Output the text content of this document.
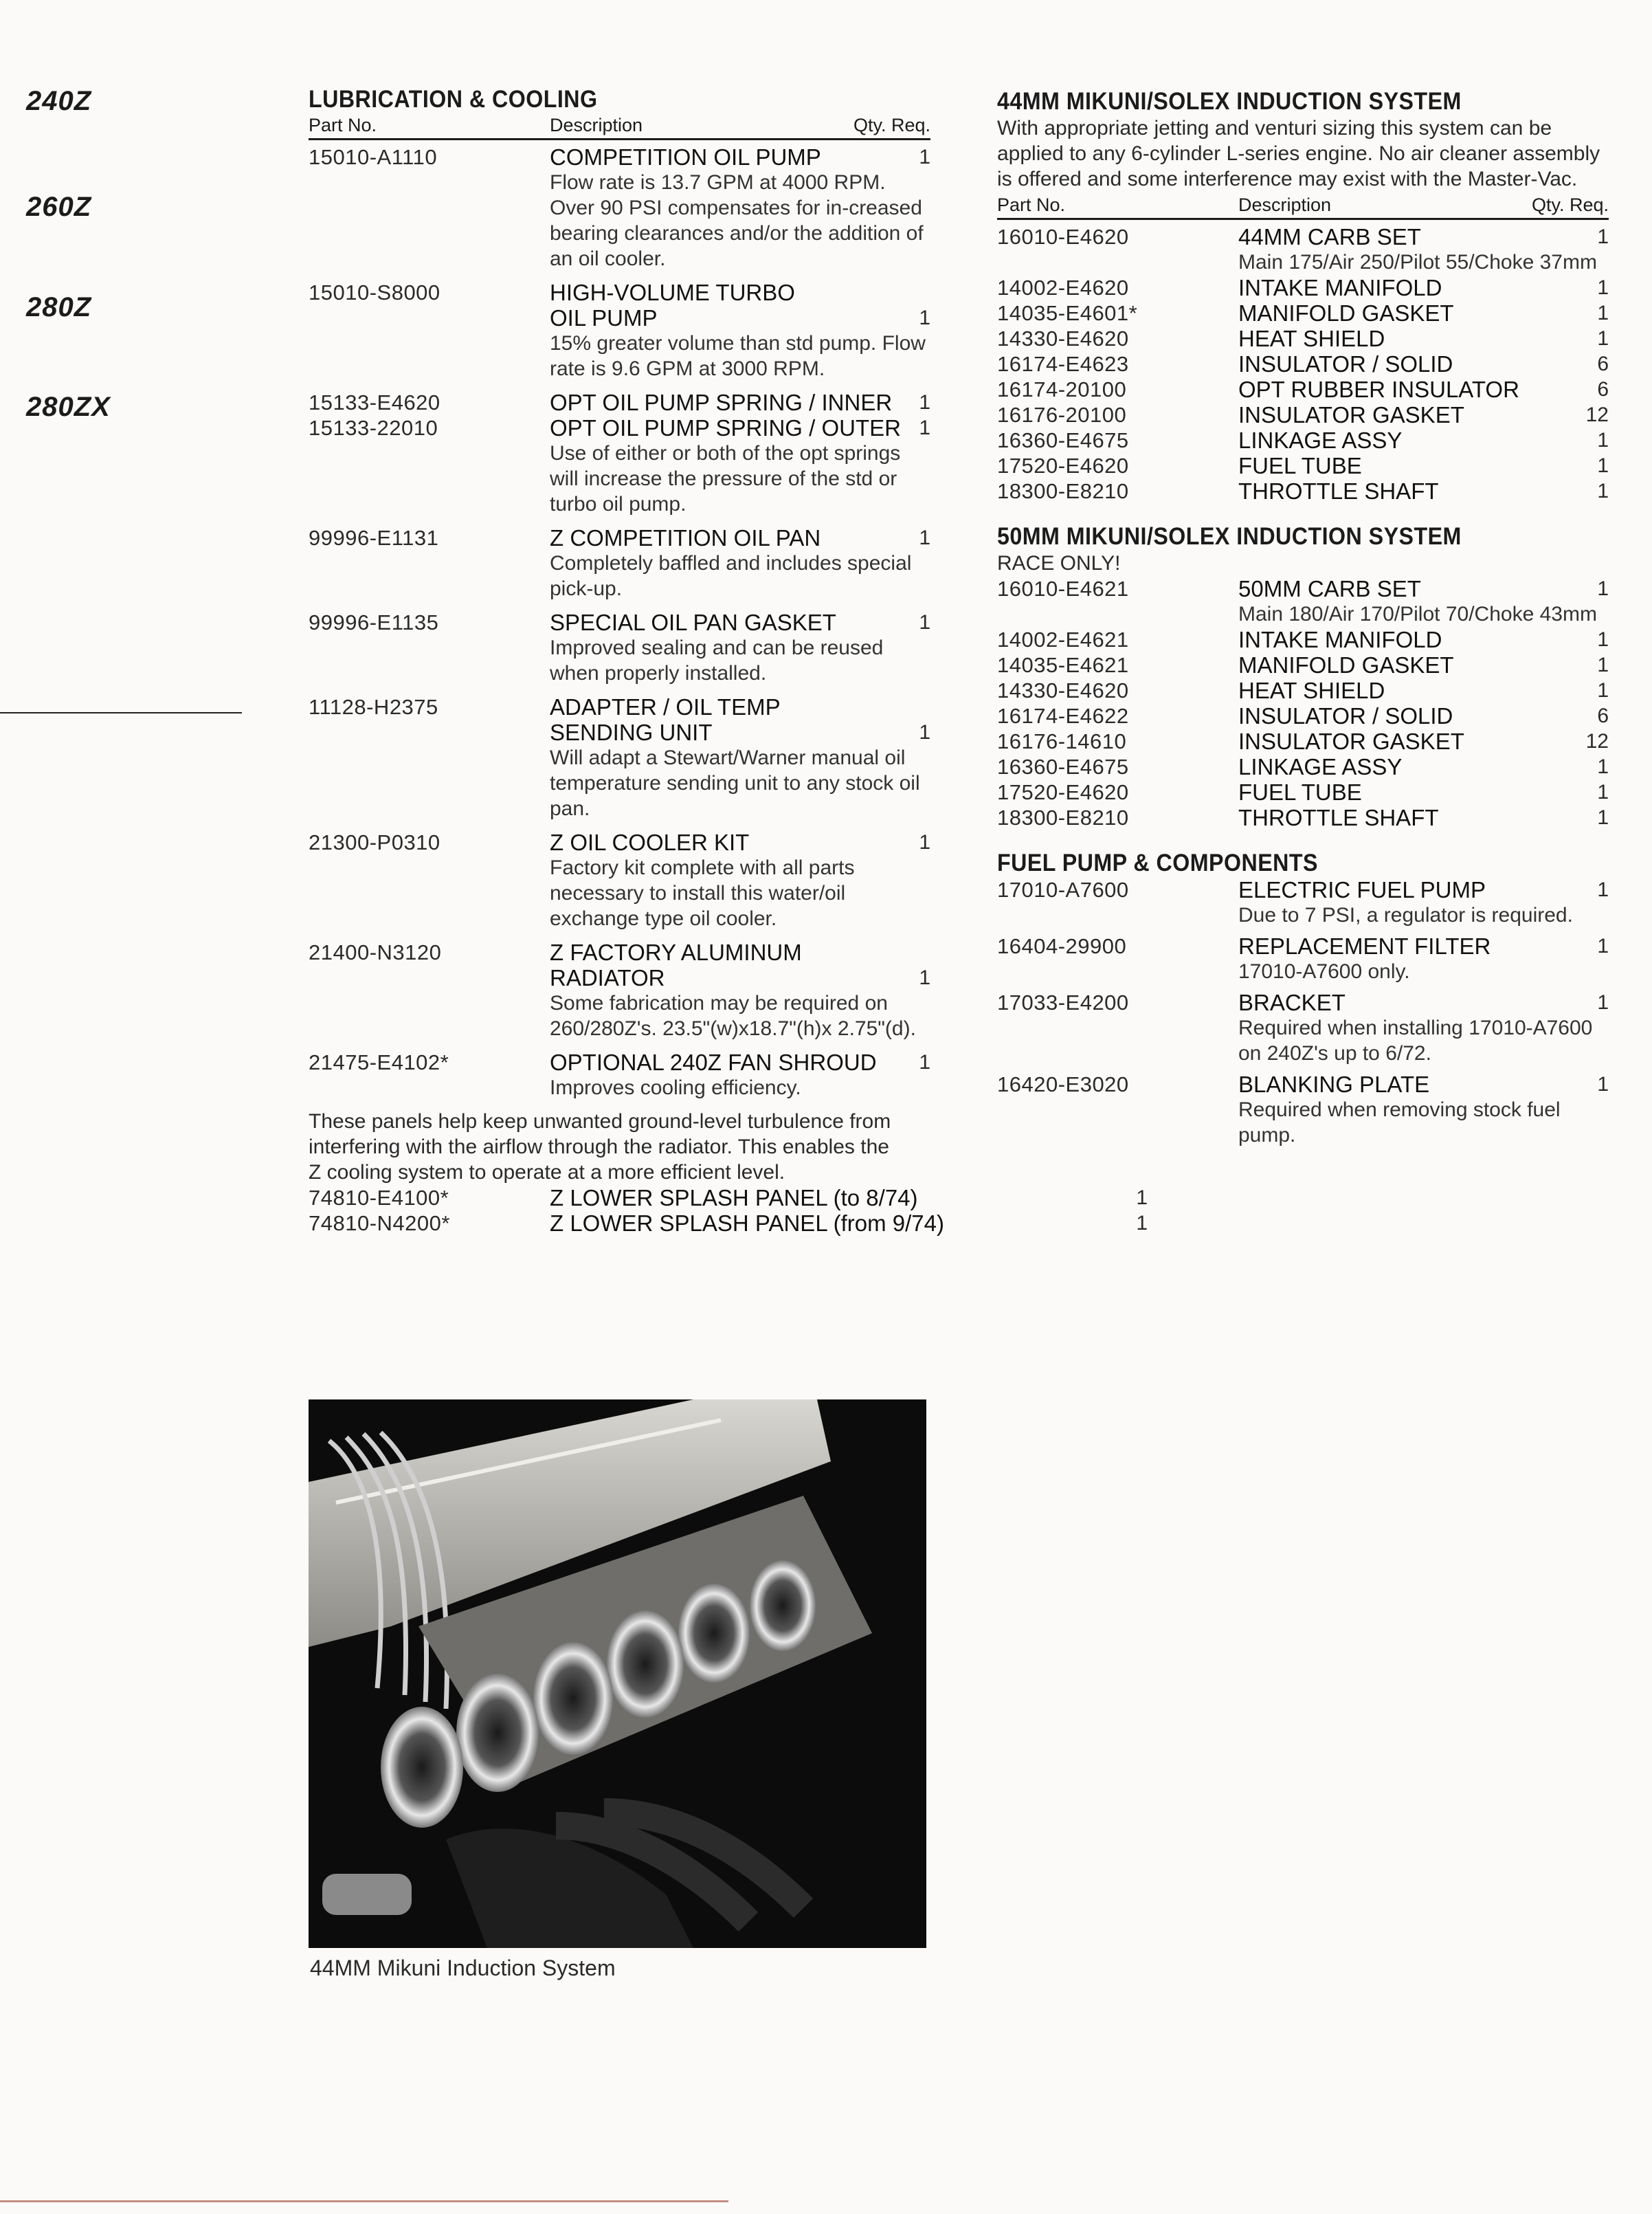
240Z
260Z
280Z
280ZX
LUBRICATION & COOLING
Part No.	Description	Qty. Req.
15010-A1110	COMPETITION OIL PUMP	1
Flow rate is 13.7 GPM at 4000 RPM. Over 90 PSI compensates for in-creased bearing clearances and/or the addition of an oil cooler.
15010-S8000	HIGH-VOLUME TURBO
OIL PUMP	1
15% greater volume than std pump. Flow rate is 9.6 GPM at 3000 RPM.
15133-E4620	OPT OIL PUMP SPRING / INNER	1
15133-22010	OPT OIL PUMP SPRING / OUTER 1
Use of either or both of the opt springs will increase the pressure of the std or turbo oil pump.
99996-E1131	Z COMPETITION OIL PAN	1
Completely baffled and includes special pick-up.
99996-E1135	SPECIAL OIL PAN GASKET	1
Improved sealing and can be reused when properly installed.
11128-H2375	ADAPTER / OIL TEMP
SENDING UNIT	1
Will adapt a Stewart/Warner manual oil temperature sending unit to any stock oil pan.
21300-P0310	Z OIL COOLER KIT	1
Factory kit complete with all parts necessary to install this water/oil exchange type oil cooler.
21400-N3120	Z FACTORY ALUMINUM
RADIATOR	1
Some fabrication may be required on 260/280Z's. 23.5"(w)x18.7"(h)x 2.75"(d).
21475-E4102*	OPTIONAL 240Z FAN SHROUD	1
Improves cooling efficiency.
These panels help keep unwanted ground-level turbulence from interfering with the airflow through the radiator. This enables the Z cooling system to operate at a more efficient level.
74810-E4100*	Z LOWER SPLASH PANEL (to 8/74)	1
74810-N4200*	Z LOWER SPLASH PANEL (from 9/74)	1
44MM MIKUNI/SOLEX INDUCTION SYSTEM
With appropriate jetting and venturi sizing this system can be applied to any 6-cylinder L-series engine. No air cleaner assembly is offered and some interference may exist with the Master-Vac.
Part No.	Description	Qty. Req.
16010-E4620	44MM CARB SET	1
Main 175/Air 250/Pilot 55/Choke 37mm
14002-E4620	INTAKE MANIFOLD	1
14035-E4601*	MANIFOLD GASKET	1
14330-E4620	HEAT SHIELD	1
16174-E4623	INSULATOR / SOLID	6
16174-20100	OPT RUBBER INSULATOR	6
16176-20100	INSULATOR GASKET	12
16360-E4675	LINKAGE ASSY	1
17520-E4620	FUEL TUBE	1
18300-E8210	THROTTLE SHAFT	1
50MM MIKUNI/SOLEX INDUCTION SYSTEM
RACE ONLY!
16010-E4621	50MM CARB SET	1
Main 180/Air 170/Pilot 70/Choke 43mm
14002-E4621	INTAKE MANIFOLD	1
14035-E4621	MANIFOLD GASKET	1
14330-E4620	HEAT SHIELD	1
16174-E4622	INSULATOR / SOLID	6
16176-14610	INSULATOR GASKET	12
16360-E4675	LINKAGE ASSY	1
17520-E4620	FUEL TUBE	1
18300-E8210	THROTTLE SHAFT	1
FUEL PUMP & COMPONENTS
17010-A7600	ELECTRIC FUEL PUMP	1
Due to 7 PSI, a regulator is required.
16404-29900	REPLACEMENT FILTER	1
17010-A7600 only.
17033-E4200	BRACKET	1
Required when installing 17010-A7600 on 240Z's up to 6/72.
16420-E3020	BLANKING PLATE	1
Required when removing stock fuel pump.
44MM Mikuni Induction System
